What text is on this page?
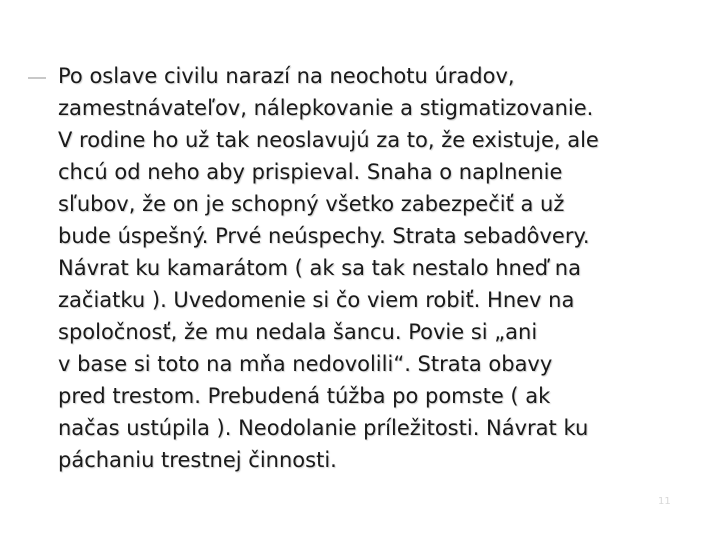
Po oslave civilu narazí na neochotu úradov,
zamestnávateľov, nálepkovanie a stigmatizovanie.
V rodine ho už tak neoslavujú za to, že existuje, ale
chcú od neho aby prispieval. Snaha o naplnenie
sľubov, že on je schopný všetko zabezpečiť a už
bude úspešný. Prvé neúspechy. Strata sebadôvery.
Návrat ku kamarátom ( ak sa tak nestalo hneď na
začiatku ). Uvedomenie si čo viem robiť. Hnev na
spoločnosť, že mu nedala šancu. Povie si „ani
v base si toto na mňa nedovolili“. Strata obavy
pred trestom. Prebudená túžba po pomste ( ak
načas ustúpila ). Neodolanie príležitosti. Návrat ku
páchaniu trestnej činnosti.

11
